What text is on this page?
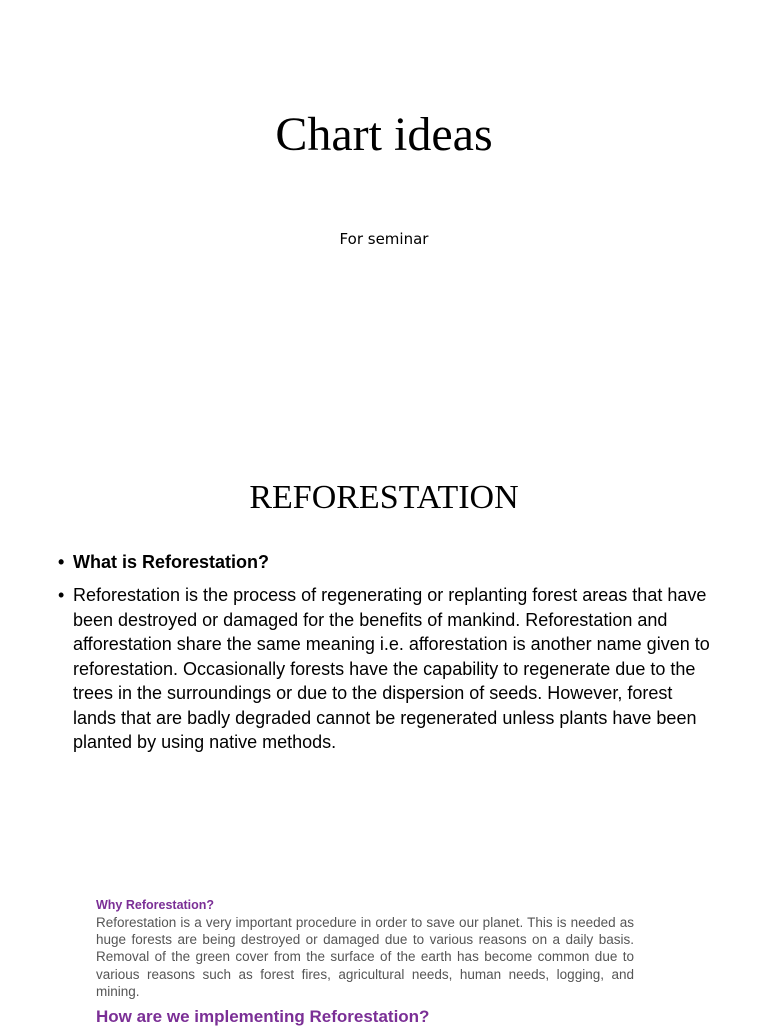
Chart ideas
For seminar
REFORESTATION
• What is Reforestation?
• Reforestation is the process of regenerating or replanting forest areas that have been destroyed or damaged for the benefits of mankind. Reforestation and afforestation share the same meaning i.e. afforestation is another name given to reforestation. Occasionally forests have the capability to regenerate due to the trees in the surroundings or due to the dispersion of seeds. However, forest lands that are badly degraded cannot be regenerated unless plants have been planted by using native methods.
Why Reforestation?
Reforestation is a very important procedure in order to save our planet. This is needed as huge forests are being destroyed or damaged due to various reasons on a daily basis. Removal of the green cover from the surface of the earth has become common due to various reasons such as forest fires, agricultural needs, human needs, logging, and mining.
How are we implementing Reforestation?
